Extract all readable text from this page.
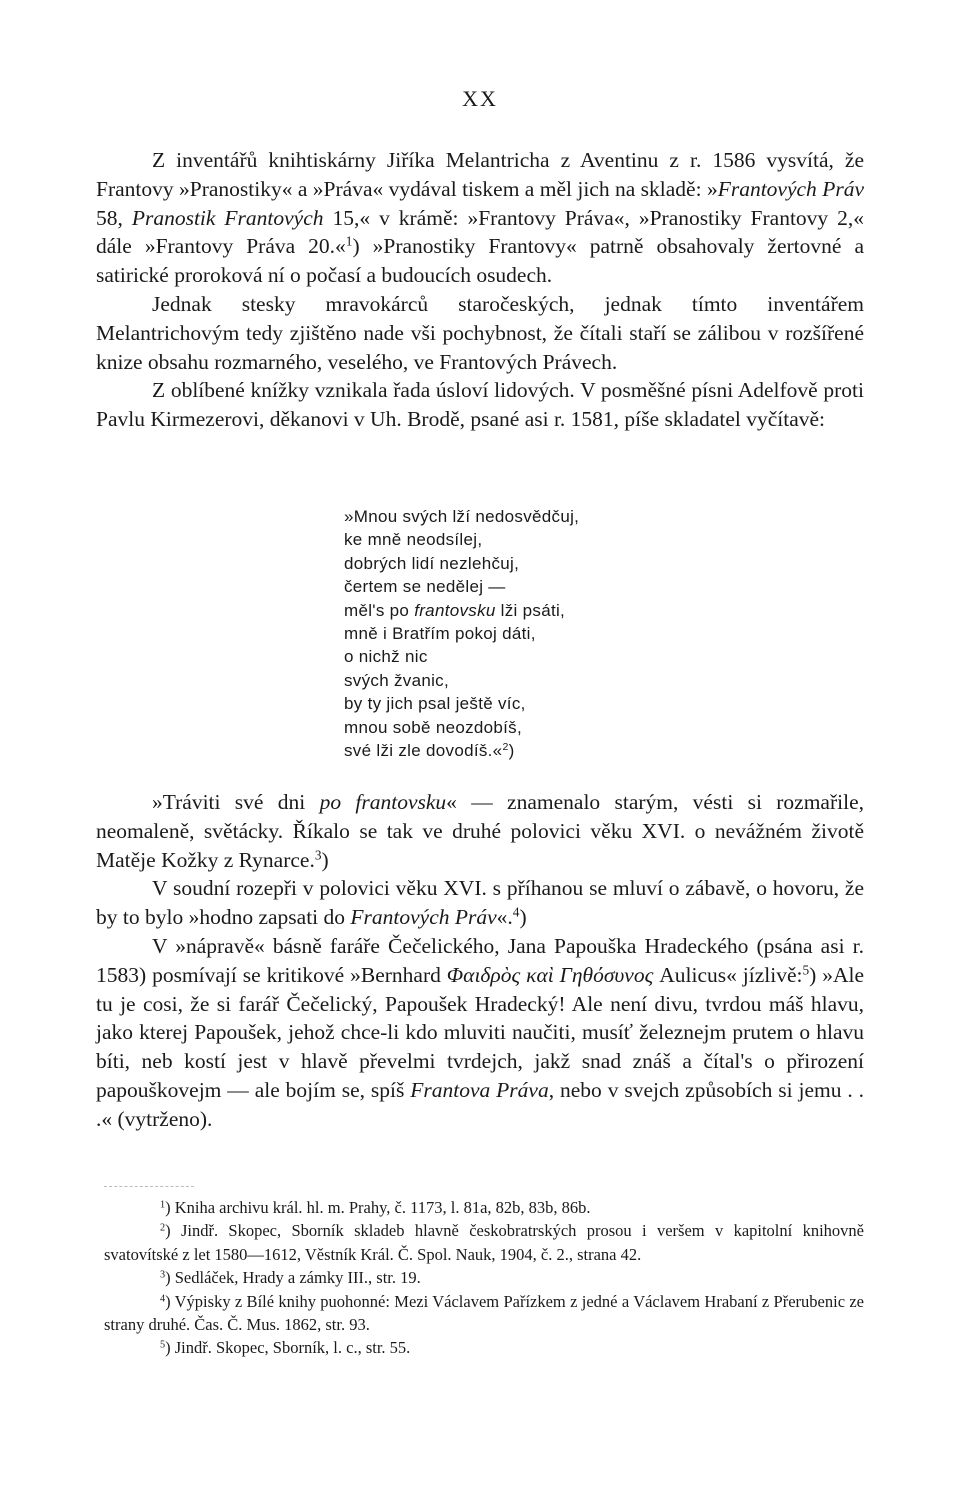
XX

Z inventářů knihtiskárny Jiříka Melantricha z Aventinu z r. 1586 vysvítá, že Frantovy »Pranostiky« a »Práva« vydával tiskem a měl jich na skladě: »Frantových Práv 58, Pranostik Frantových 15,« v krámě: »Frantovy Práva«, »Pranostiky Frantovy 2,« dále »Frantovy Práva 20.«$^1$) »Pranostiky Frantovy« patrně obsahovaly žertovné a satirické proroková ní o počasí a budoucích osudech.

Jednak stesky mravokárců staročeských, jednak tímto inventářem Melantrichovým tedy zjištěno nade vši pochybnost, že čítali staří se zálibou v rozšířené knize obsahu rozmarného, veselého, ve Frantových Právech.

Z oblíbené knížky vznikala řada úsloví lidových. V posměšné písni Adelfově proti Pavlu Kirmezerovi, děkanovi v Uh. Brodě, psané asi r. 1581, píše skladatel vyčítavě:

»Mnou svých lží nedosvědčuj,
ke mně neodsílej,
dobrých lidí nezlehčuj,
čertem se nedělej —
měl's po frantovsku lži psáti,
mně i Bratřím pokoj dáti,
o nichž nic
svých žvanic,
by ty jich psal ještě víc,
mnou sobě neozdobíš,
své lži zle dovodíš.«$^2$)

»Tráviti své dni po frantovsku« — znamenalo starým, vésti si rozmařile, neomaleně, světácky. Říkalo se tak ve druhé polovici věku XVI. o nevážném životě Matěje Kožky z Rynarce.$^3$)

V soudní rozepři v polovici věku XVI. s příhanou se mluví o zábavě, o hovoru, že by to bylo »hodno zapsati do Frantových Práv«.$^4$)

V »nápravě« básně faráře Čečelického, Jana Papouška Hradeckého (psána asi r. 1583) posmívají se kritikové »Bernhard Φαιδρὸς καὶ Γηθόσυνος Aulicus« jízlivě:$^5$) »Ale tu je cosi, že si farář Čečelický, Papoušek Hradecký! Ale není divu, tvrdou máš hlavu, jako kterej Papoušek, jehož chce-li kdo mluviti naučiti, musíť železnejm prutem o hlavu bíti, neb kostí jest v hlavě převelmi tvrdejch, jakž snad znáš a čítal's o přirození papouškovejm — ale bojím se, spíš Frantova Práva, nebo v svejch způsobích si jemu . . .« (vytrženo).

$^1$) Kniha archivu král. hl. m. Prahy, č. 1173, l. 81a, 82b, 83b, 86b.

$^2$) Jindř. Skopec, Sborník skladeb hlavně českobratrských prosou i veršem v kapitolní knihovně svatovítské z let 1580—1612, Věstník Král. Č. Spol. Nauk, 1904, č. 2., strana 42.

$^3$) Sedláček, Hrady a zámky III., str. 19.

$^4$) Výpisky z Bílé knihy puohonné: Mezi Václavem Pařízkem z jedné a Václavem Hrabaní z Přerubenic ze strany druhé. Čas. Č. Mus. 1862, str. 93.

$^5$) Jindř. Skopec, Sborník, l. c., str. 55.
